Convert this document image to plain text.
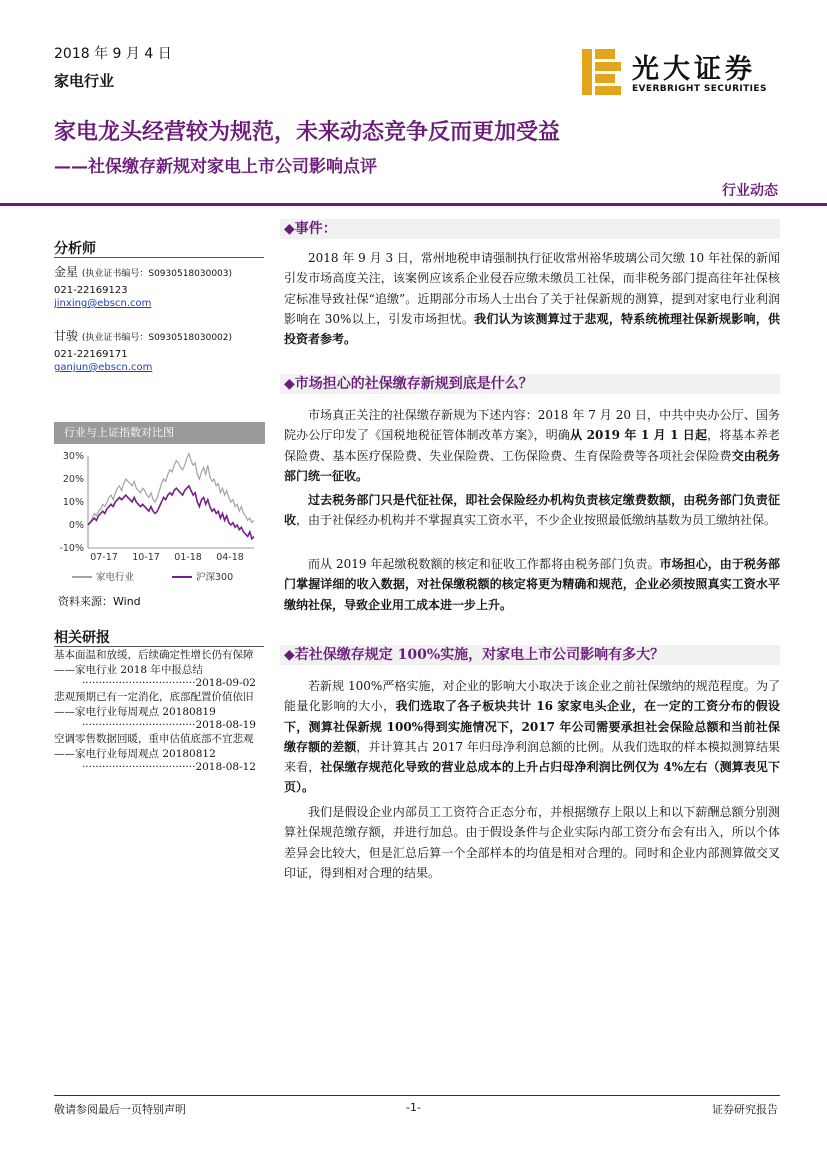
2018 年 9 月 4 日
家电行业	光大证券
EVERBRIGHT SECURITIES
家电龙头经营较为规范，未来动态竞争反而更加受益
——社保缴存新规对家电上市公司影响点评
行业动态
分析师
金星 (执业证书编号：S0930518030003)
021-22169123
jinxing@ebscn.com
甘骏 (执业证书编号：S0930518030002)
021-22169171
ganjun@ebscn.com
行业与上证指数对比图
30%
20%
10%
0%
-10%
07-17 10-17 01-18 04-18
家电行业	沪深300
资料来源：Wind
相关研报
基本面温和放缓，后续确定性增长仍有保障——家电行业 2018 年中报总结
··································2018-09-02
悲观预期已有一定消化，底部配置价值依旧——家电行业每周观点 20180819
··································2018-08-19
空调零售数据回暖，重申估值底部不宜悲观——家电行业每周观点 20180812
··································2018-08-12
◆事件：
2018 年 9 月 3 日，常州地税申请强制执行征收常州裕华玻璃公司欠缴 10 年社保的新闻引发市场高度关注，该案例应该系企业侵吞应缴未缴员工社保，而非税务部门提高往年社保核定标准导致社保“追缴”。近期部分市场人士出台了关于社保新规的测算，提到对家电行业利润影响在 30%以上，引发市场担忧。我们认为该测算过于悲观，特系统梳理社保新规影响，供投资者参考。
◆市场担心的社保缴存新规到底是什么？
市场真正关注的社保缴存新规为下述内容：2018 年 7 月 20 日，中共中央办公厅、国务院办公厅印发了《国税地税征管体制改革方案》，明确从 2019 年 1 月 1 日起，将基本养老保险费、基本医疗保险费、失业保险费、工伤保险费、生育保险费等各项社会保险费交由税务部门统一征收。
过去税务部门只是代征社保，即社会保险经办机构负责核定缴费数额，由税务部门负责征收，由于社保经办机构并不掌握真实工资水平，不少企业按照最低缴纳基数为员工缴纳社保。
而从 2019 年起缴税数额的核定和征收工作都将由税务部门负责。市场担心，由于税务部门掌握详细的收入数据，对社保缴税额的核定将更为精确和规范，企业必须按照真实工资水平缴纳社保，导致企业用工成本进一步上升。
◆若社保缴存规定 100%实施，对家电上市公司影响有多大？
若新规 100%严格实施，对企业的影响大小取决于该企业之前社保缴纳的规范程度。为了能量化影响的大小，我们选取了各子板块共计 16 家家电头企业，在一定的工资分布的假设下，测算社保新规 100%得到实施情况下，2017 年公司需要承担社会保险总额和当前社保缴存额的差额，并计算其占 2017 年归母净利润总额的比例。从我们选取的样本模拟测算结果来看，社保缴存规范化导致的营业总成本的上升占归母净利润比例仅为 4%左右（测算表见下页）。
我们是假设企业内部员工工资符合正态分布，并根据缴存上限以上和以下薪酬总额分别测算社保规范缴存额，并进行加总。由于假设条件与企业实际内部工资分布会有出入，所以个体差异会比较大，但是汇总后算一个全部样本的均值是相对合理的。同时和企业内部测算做交叉印证，得到相对合理的结果。
敬请参阅最后一页特别声明	-1-	证券研究报告
